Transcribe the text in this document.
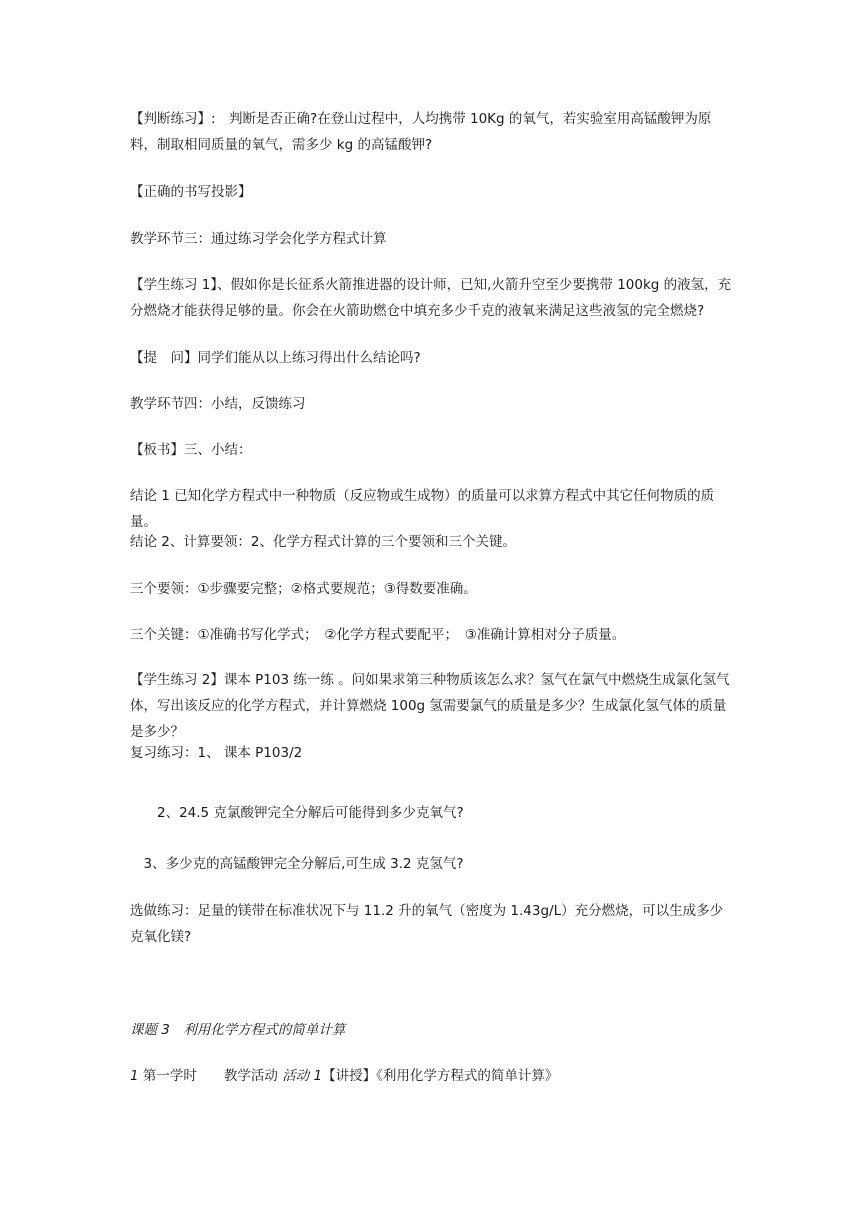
【判断练习】:　判断是否正确?在登山过程中，人均携带 10Kg 的氧气，若实验室用高锰酸钾为原料，制取相同质量的氧气，需多少 kg 的高锰酸钾?

【正确的书写投影】

教学环节三：通过练习学会化学方程式计算

【学生练习 1】、假如你是长征系火箭推进器的设计师，已知,火箭升空至少要携带 100kg 的液氢，充分燃烧才能获得足够的量。你会在火箭助燃仓中填充多少千克的液氧来满足这些液氢的完全燃烧?

【提　问】同学们能从以上练习得出什么结论吗?

教学环节四：小结，反馈练习

【板书】三、小结：

结论 1 已知化学方程式中一种物质（反应物或生成物）的质量可以求算方程式中其它任何物质的质量。

结论 2、计算要领：2、化学方程式计算的三个要领和三个关键。

三个要领：①步骤要完整；②格式要规范；③得数要准确。

三个关键：①准确书写化学式；　②化学方程式要配平；　③准确计算相对分子质量。

【学生练习 2】课本 P103 练一练 。问如果求第三种物质该怎么求？氢气在氯气中燃烧生成氯化氢气体，写出该反应的化学方程式，并计算燃烧 100g 氢需要氯气的质量是多少？生成氯化氢气体的质量是多少？

复习练习：1、 课本 P103/2

　　2、24.5 克氯酸钾完全分解后可能得到多少克氧气?

　3、多少克的高锰酸钾完全分解后,可生成 3.2 克氢气?

选做练习：足量的镁带在标准状况下与 11.2 升的氧气（密度为 1.43g/L）充分燃烧，可以生成多少克氧化镁?

课题 3　利用化学方程式的简单计算

1 第一学时　　教学活动 活动 1【讲授】《利用化学方程式的简单计算》
